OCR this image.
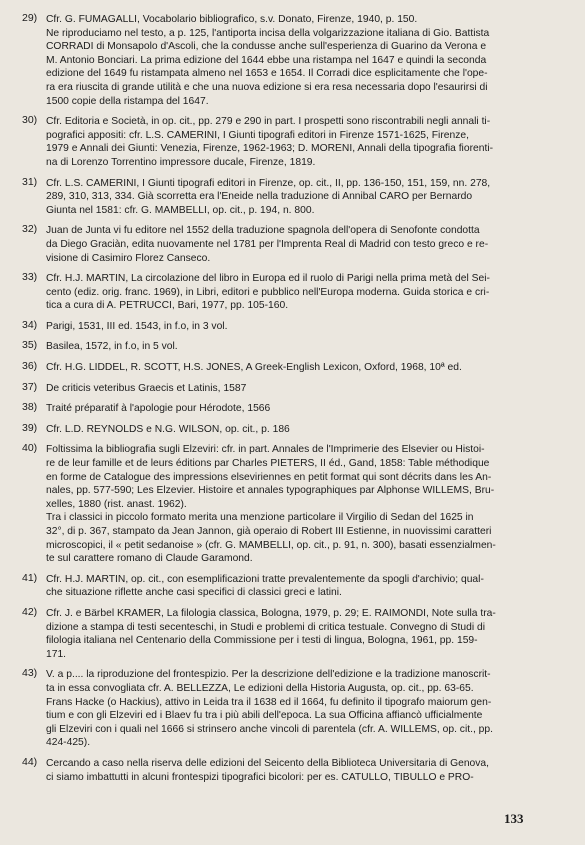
29) Cfr. G. FUMAGALLI, Vocabolario bibliografico, s.v. Donato, Firenze, 1940, p. 150.
Ne riproduciamo nel testo, a p. 125, l'antiporta incisa della volgarizzazione italiana di Gio. Battista
CORRADI di Monsapolo d'Ascoli, che la condusse anche sull'esperienza di Guarino da Verona e
M. Antonio Bonciari. La prima edizione del 1644 ebbe una ristampa nel 1647 e quindi la seconda
edizione del 1649 fu ristampata almeno nel 1653 e 1654. Il Corradi dice esplicitamente che l'ope-
ra era riuscita di grande utilità e che una nuova edizione si era resa necessaria dopo l'esaurirsi di
1500 copie della ristampa del 1647.
30) Cfr. Editoria e Società, in op. cit., pp. 279 e 290 in part. I prospetti sono riscontrabili negli annali ti-
pografici appositi: cfr. L.S. CAMERINI, I Giunti tipografi editori in Firenze 1571-1625, Firenze,
1979 e Annali dei Giunti: Venezia, Firenze, 1962-1963; D. MORENI, Annali della tipografia fiorenti-
na di Lorenzo Torrentino impressore ducale, Firenze, 1819.
31) Cfr. L.S. CAMERINI, I Giunti tipografi editori in Firenze, op. cit., II, pp. 136-150, 151, 159, nn. 278,
289, 310, 313, 334. Già scorretta era l'Eneide nella traduzione di Annibal CARO per Bernardo
Giunta nel 1581: cfr. G. MAMBELLI, op. cit., p. 194, n. 800.
32) Juan de Junta vi fu editore nel 1552 della traduzione spagnola dell'opera di Senofonte condotta
da Diego Graciàn, edita nuovamente nel 1781 per l'Imprenta Real di Madrid con testo greco e re-
visione di Casimiro Florez Canseco.
33) Cfr. H.J. MARTIN, La circolazione del libro in Europa ed il ruolo di Parigi nella prima metà del Sei-
cento (ediz. orig. franc. 1969), in Libri, editori e pubblico nell'Europa moderna. Guida storica e cri-
tica a cura di A. PETRUCCI, Bari, 1977, pp. 105-160.
34) Parigi, 1531, III ed. 1543, in f.o, in 3 vol.
35) Basilea, 1572, in f.o, in 5 vol.
36) Cfr. H.G. LIDDEL, R. SCOTT, H.S. JONES, A Greek-English Lexicon, Oxford, 1968, 10ª ed.
37) De criticis veteribus Graecis et Latinis, 1587
38) Traité préparatif à l'apologie pour Hérodote, 1566
39) Cfr. L.D. REYNOLDS e N.G. WILSON, op. cit., p. 186
40) Foltissima la bibliografia sugli Elzeviri: cfr. in part. Annales de l'Imprimerie des Elsevier ou Histoi-
re de leur famille et de leurs éditions par Charles PIETERS, II éd., Gand, 1858: Table méthodique
en forme de Catalogue des impressions elseviriennes en petit format qui sont décrits dans les An-
nales, pp. 577-590; Les Elzevier. Histoire et annales typographiques par Alphonse WILLEMS, Bru-
xelles, 1880 (rist. anast. 1962).
Tra i classici in piccolo formato merita una menzione particolare il Virgilio di Sedan del 1625 in
32°, di p. 367, stampato da Jean Jannon, già operaio di Robert III Estienne, in nuovissimi caratteri
microscopici, il « petit sedanoise » (cfr. G. MAMBELLI, op. cit., p. 91, n. 300), basati essenzialmen-
te sul carattere romano di Claude Garamond.
41) Cfr. H.J. MARTIN, op. cit., con esemplificazioni tratte prevalentemente da spogli d'archivio; qual-
che situazione riflette anche casi specifici di classici greci e latini.
42) Cfr. J. e Bärbel KRAMER, La filologia classica, Bologna, 1979, p. 29; E. RAIMONDI, Note sulla tra-
dizione a stampa di testi secenteschi, in Studi e problemi di critica testuale. Convegno di Studi di
filologia italiana nel Centenario della Commissione per i testi di lingua, Bologna, 1961, pp. 159-
171.
43) V. a p.... la riproduzione del frontespizio. Per la descrizione dell'edizione e la tradizione manoscrit-
ta in essa convogliata cfr. A. BELLEZZA, Le edizioni della Historia Augusta, op. cit., pp. 63-65.
Frans Hacke (o Hackius), attivo in Leida tra il 1638 ed il 1664, fu definito il tipografo maiorum gen-
tium e con gli Elzeviri ed i Blaev fu tra i più abili dell'epoca. La sua Officina affiancò ufficialmente
gli Elzeviri con i quali nel 1666 si strinsero anche vincoli di parentela (cfr. A. WILLEMS, op. cit., pp.
424-425).
44) Cercando a caso nella riserva delle edizioni del Seicento della Biblioteca Universitaria di Genova,
ci siamo imbattutti in alcuni frontespizi tipografici bicolori: per es. CATULLO, TIBULLO e PRO-
133
